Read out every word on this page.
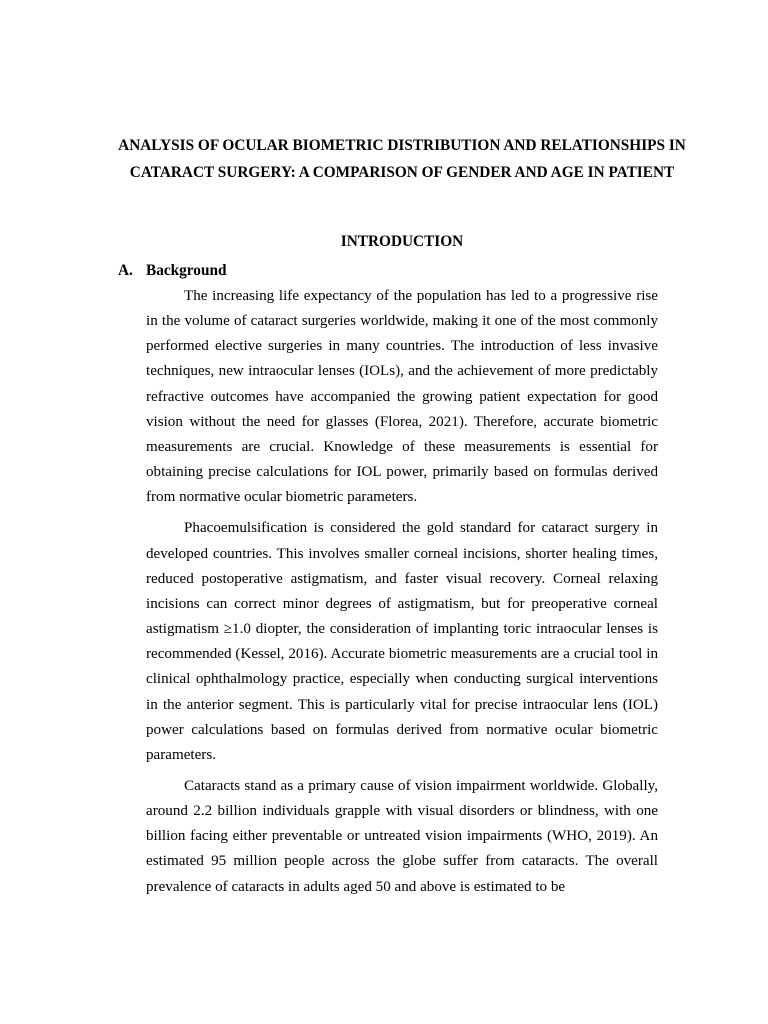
ANALYSIS OF OCULAR BIOMETRIC DISTRIBUTION AND RELATIONSHIPS IN CATARACT SURGERY: A COMPARISON OF GENDER AND AGE IN PATIENT
INTRODUCTION
A. Background

The increasing life expectancy of the population has led to a progressive rise in the volume of cataract surgeries worldwide, making it one of the most commonly performed elective surgeries in many countries. The introduction of less invasive techniques, new intraocular lenses (IOLs), and the achievement of more predictably refractive outcomes have accompanied the growing patient expectation for good vision without the need for glasses (Florea, 2021). Therefore, accurate biometric measurements are crucial. Knowledge of these measurements is essential for obtaining precise calculations for IOL power, primarily based on formulas derived from normative ocular biometric parameters.

Phacoemulsification is considered the gold standard for cataract surgery in developed countries. This involves smaller corneal incisions, shorter healing times, reduced postoperative astigmatism, and faster visual recovery. Corneal relaxing incisions can correct minor degrees of astigmatism, but for preoperative corneal astigmatism ≥1.0 diopter, the consideration of implanting toric intraocular lenses is recommended (Kessel, 2016). Accurate biometric measurements are a crucial tool in clinical ophthalmology practice, especially when conducting surgical interventions in the anterior segment. This is particularly vital for precise intraocular lens (IOL) power calculations based on formulas derived from normative ocular biometric parameters.

Cataracts stand as a primary cause of vision impairment worldwide. Globally, around 2.2 billion individuals grapple with visual disorders or blindness, with one billion facing either preventable or untreated vision impairments (WHO, 2019). An estimated 95 million people across the globe suffer from cataracts. The overall prevalence of cataracts in adults aged 50 and above is estimated to be
